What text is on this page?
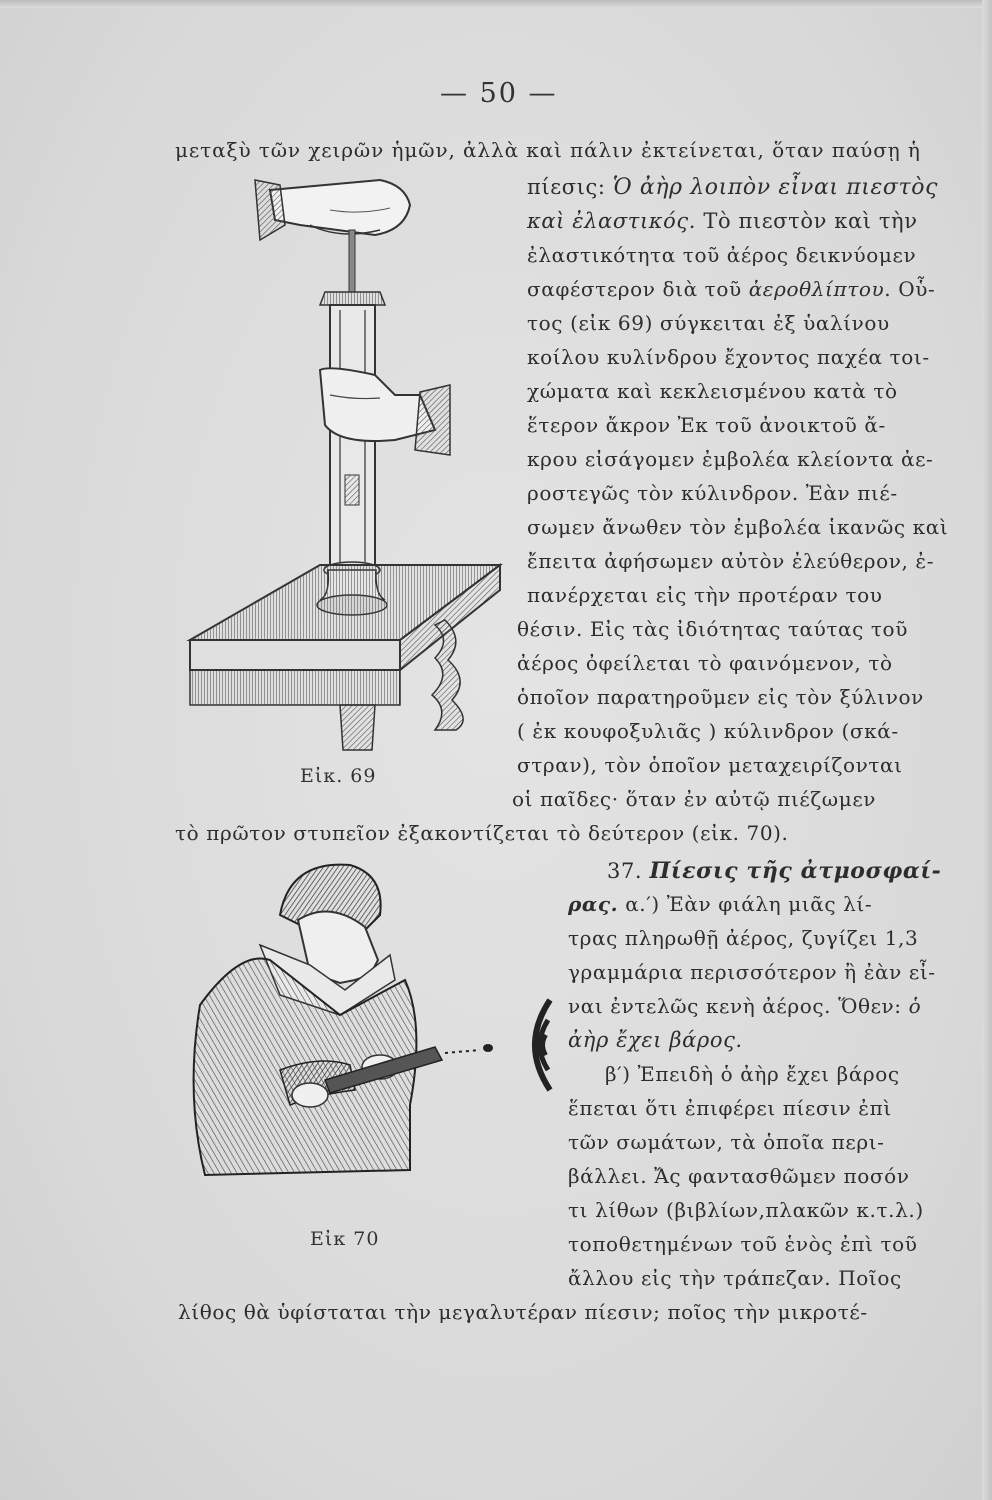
— 50 —
Εἰκ. 69
Εἰκ 70
μεταξὺ τῶν χειρῶν ἡμῶν, ἀλλὰ καὶ πάλιν ἐκτείνεται, ὅταν παύσῃ ἡ
πίεσις: Ὁ ἀὴρ λοιπὸν εἶναι πιεστὸς
καὶ ἐλαστικός. Τὸ πιεστὸν καὶ τὴν
ἐλαστικότητα τοῦ ἀέρος δεικνύομεν
σαφέστερον διὰ τοῦ ἀεροθλίπτου. Οὗ-
τος (εἰκ 69) σύγκειται ἐξ ὑαλίνου
κοίλου κυλίνδρου ἔχοντος παχέα τοι-
χώματα καὶ κεκλεισμένου κατὰ τὸ
ἕτερον ἄκρον Ἐκ τοῦ ἀνοικτοῦ ἄ-
κρου εἰσάγομεν ἐμβολέα κλείοντα ἀε-
ροστεγῶς τὸν κύλινδρον. Ἐὰν πιέ-
σωμεν ἄνωθεν τὸν ἐμβολέα ἱκανῶς καὶ
ἔπειτα ἀφήσωμεν αὐτὸν ἐλεύθερον, ἐ-
πανέρχεται εἰς τὴν προτέραν του
θέσιν. Εἰς τὰς ἰδιότητας ταύτας τοῦ
ἀέρος ὀφείλεται τὸ φαινόμενον, τὸ
ὁποῖον παρατηροῦμεν εἰς τὸν ξύλινον
( ἐκ κουφοξυλιᾶς ) κύλινδρον (σκά-
στραν), τὸν ὁποῖον μεταχειρίζονται
οἱ παῖδες· ὅταν ἐν αὐτῷ πιέζωμεν
τὸ πρῶτον στυπεῖον ἐξακοντίζεται τὸ δεύτερον (εἰκ. 70).
37. Πίεσις τῆς ἀτμοσφαί-
ρας. α.′) Ἐὰν φιάλη μιᾶς λί-
τρας πληρωθῇ ἀέρος, ζυγίζει 1,3
γραμμάρια περισσότερον ἢ ἐὰν εἶ-
ναι ἐντελῶς κενὴ ἀέρος. Ὅθεν: ὁ
ἀὴρ ἔχει βάρος.
β′) Ἐπειδὴ ὁ ἀὴρ ἔχει βάρος
ἕπεται ὅτι ἐπιφέρει πίεσιν ἐπὶ
τῶν σωμάτων, τὰ ὁποῖα περι-
βάλλει. Ἄς φαντασθῶμεν ποσόν
τι λίθων (βιβλίων,πλακῶν κ.τ.λ.)
τοποθετημένων τοῦ ἑνὸς ἐπὶ τοῦ
ἄλλου εἰς τὴν τράπεζαν. Ποῖος
λίθος θὰ ὑφίσταται τὴν μεγαλυτέραν πίεσιν; ποῖος τὴν μικροτέ-
